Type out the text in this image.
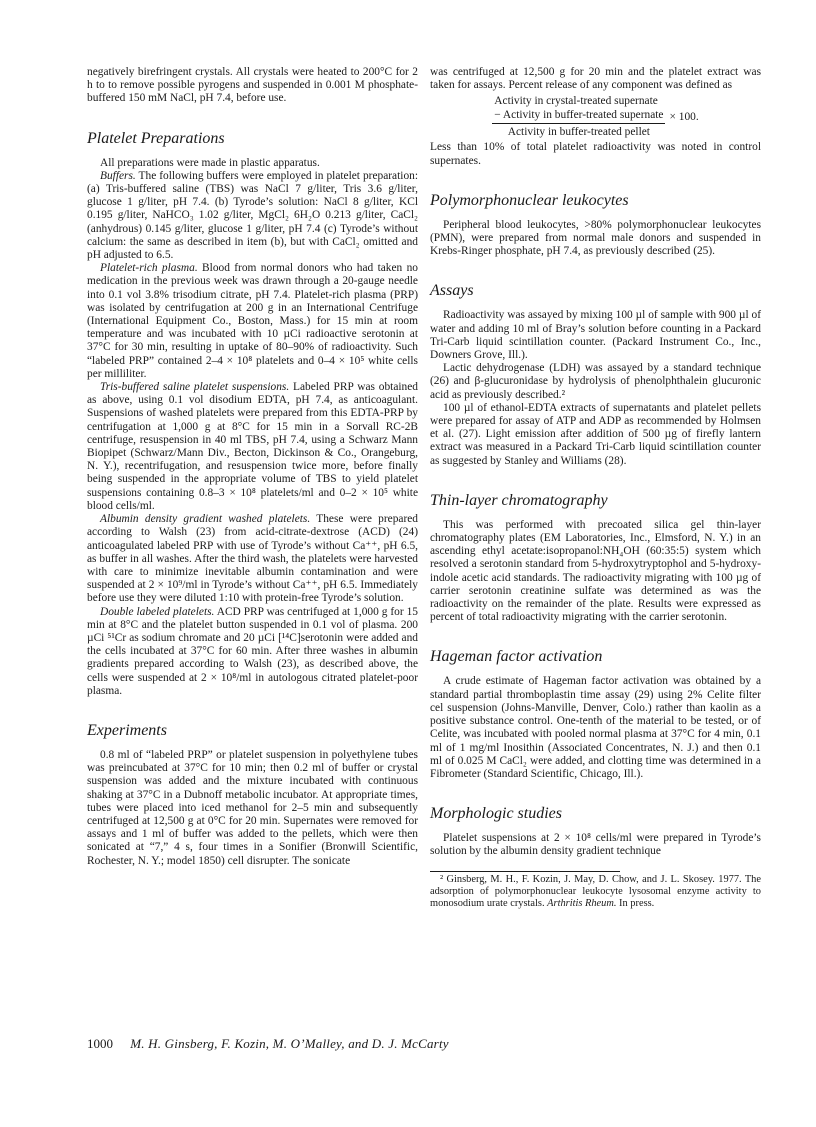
negatively birefringent crystals. All crystals were heated to 200°C for 2 h to to remove possible pyrogens and suspended in 0.001 M phosphate-buffered 150 mM NaCl, pH 7.4, before use.

Platelet Preparations

All preparations were made in plastic apparatus.

Buffers. The following buffers were employed in platelet preparation: (a) Tris-buffered saline (TBS) was NaCl 7 g/liter, Tris 3.6 g/liter, glucose 1 g/liter, pH 7.4. (b) Tyrode’s solution: NaCl 8 g/liter, KCl 0.195 g/liter, NaHCO₃ 1.02 g/liter, MgCl₂ 6H₂O 0.213 g/liter, CaCl₂ (anhydrous) 0.145 g/liter, glucose 1 g/liter, pH 7.4 (c) Tyrode’s without calcium: the same as described in item (b), but with CaCl₂ omitted and pH adjusted to 6.5.

Platelet-rich plasma. Blood from normal donors who had taken no medication in the previous week was drawn through a 20-gauge needle into 0.1 vol 3.8% trisodium citrate, pH 7.4. Platelet-rich plasma (PRP) was isolated by centrifugation at 200 g in an International Centrifuge (International Equipment Co., Boston, Mass.) for 15 min at room temperature and was incubated with 10 µCi radioactive serotonin at 37°C for 30 min, resulting in uptake of 80–90% of radioactivity. Such “labeled PRP” contained 2–4 × 10⁸ platelets and 0–4 × 10⁵ white cells per milliliter.

Tris-buffered saline platelet suspensions. Labeled PRP was obtained as above, using 0.1 vol disodium EDTA, pH 7.4, as anticoagulant. Suspensions of washed platelets were prepared from this EDTA-PRP by centrifugation at 1,000 g at 8°C for 15 min in a Sorvall RC-2B centrifuge, resuspension in 40 ml TBS, pH 7.4, using a Schwarz Mann Biopipet (Schwarz/Mann Div., Becton, Dickinson & Co., Orangeburg, N. Y.), recentrifugation, and resuspension twice more, before finally being suspended in the appropriate volume of TBS to yield platelet suspensions containing 0.8–3 × 10⁸ platelets/ml and 0–2 × 10⁵ white blood cells/ml.

Albumin density gradient washed platelets. These were prepared according to Walsh (23) from acid-citrate-dextrose (ACD) (24) anticoagulated labeled PRP with use of Tyrode’s without Ca⁺⁺, pH 6.5, as buffer in all washes. After the third wash, the platelets were harvested with care to minimize inevitable albumin contamination and were suspended at 2 × 10⁹/ml in Tyrode’s without Ca⁺⁺, pH 6.5. Immediately before use they were diluted 1:10 with protein-free Tyrode’s solution.

Double labeled platelets. ACD PRP was centrifuged at 1,000 g for 15 min at 8°C and the platelet button suspended in 0.1 vol of plasma. 200 µCi ⁵¹Cr as sodium chromate and 20 µCi [¹⁴C]serotonin were added and the cells incubated at 37°C for 60 min. After three washes in albumin gradients prepared according to Walsh (23), as described above, the cells were suspended at 2 × 10⁸/ml in autologous citrated platelet-poor plasma.

Experiments

0.8 ml of “labeled PRP” or platelet suspension in polyethylene tubes was preincubated at 37°C for 10 min; then 0.2 ml of buffer or crystal suspension was added and the mixture incubated with continuous shaking at 37°C in a Dubnoff metabolic incubator. At appropriate times, tubes were placed into iced methanol for 2–5 min and subsequently centrifuged at 12,500 g at 0°C for 20 min. Supernates were removed for assays and 1 ml of buffer was added to the pellets, which were then sonicated at “7,” 4 s, four times in a Sonifier (Bronwill Scientific, Rochester, N. Y.; model 1850) cell disrupter. The sonicate

was centrifuged at 12,500 g for 20 min and the platelet extract was taken for assays. Percent release of any component was defined as

Activity in crystal-treated supernate
− Activity in buffer-treated supernate
Activity in buffer-treated pellet
× 100.

Less than 10% of total platelet radioactivity was noted in control supernates.

Polymorphonuclear leukocytes

Peripheral blood leukocytes, >80% polymorphonuclear leukocytes (PMN), were prepared from normal male donors and suspended in Krebs-Ringer phosphate, pH 7.4, as previously described (25).

Assays

Radioactivity was assayed by mixing 100 µl of sample with 900 µl of water and adding 10 ml of Bray’s solution before counting in a Packard Tri-Carb liquid scintillation counter. (Packard Instrument Co., Inc., Downers Grove, Ill.).

Lactic dehydrogenase (LDH) was assayed by a standard technique (26) and β-glucuronidase by hydrolysis of phenolphthalein glucuronic acid as previously described.²

100 µl of ethanol-EDTA extracts of supernatants and platelet pellets were prepared for assay of ATP and ADP as recommended by Holmsen et al. (27). Light emission after addition of 500 µg of firefly lantern extract was measured in a Packard Tri-Carb liquid scintillation counter as suggested by Stanley and Williams (28).

Thin-layer chromatography

This was performed with precoated silica gel thin-layer chromatography plates (EM Laboratories, Inc., Elmsford, N. Y.) in an ascending ethyl acetate:isopropanol:NH₄OH (60:35:5) system which resolved a serotonin standard from 5-hydroxytryptophol and 5-hydroxy-indole acetic acid standards. The radioactivity migrating with 100 µg of carrier serotonin creatinine sulfate was determined as was the radioactivity on the remainder of the plate. Results were expressed as percent of total radioactivity migrating with the carrier serotonin.

Hageman factor activation

A crude estimate of Hageman factor activation was obtained by a standard partial thromboplastin time assay (29) using 2% Celite filter cel suspension (Johns-Manville, Denver, Colo.) rather than kaolin as a positive substance control. One-tenth of the material to be tested, or of Celite, was incubated with pooled normal plasma at 37°C for 4 min, 0.1 ml of 1 mg/ml Inosithin (Associated Concentrates, N. J.) and then 0.1 ml of 0.025 M CaCl₂ were added, and clotting time was determined in a Fibrometer (Standard Scientific, Chicago, Ill.).

Morphologic studies

Platelet suspensions at 2 × 10⁸ cells/ml were prepared in Tyrode’s solution by the albumin density gradient technique

² Ginsberg, M. H., F. Kozin, J. May, D. Chow, and J. L. Skosey. 1977. The adsorption of polymorphonuclear leukocyte lysosomal enzyme activity to monosodium urate crystals. Arthritis Rheum. In press.

1000 M. H. Ginsberg, F. Kozin, M. O’Malley, and D. J. McCarty
